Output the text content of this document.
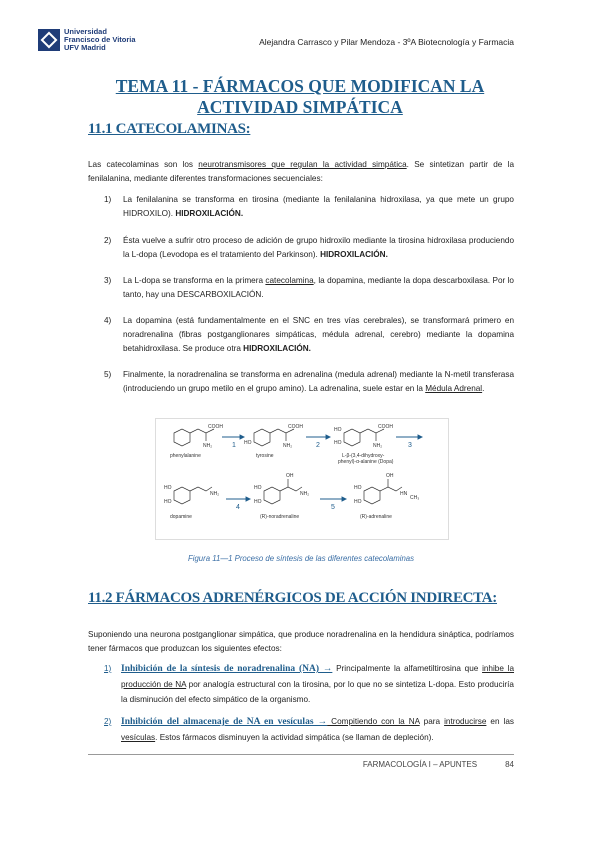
Universidad
Francisco de Vitoria
UFV Madrid
Alejandra Carrasco y Pilar Mendoza - 3ºA Biotecnología y Farmacia
TEMA 11 - FÁRMACOS QUE MODIFICAN LA ACTIVIDAD SIMPÁTICA
11.1 CATECOLAMINAS:
Las catecolaminas son los neurotransmisores que regulan la actividad simpática. Se sintetizan partir de la fenilalanina, mediante diferentes transformaciones secuenciales:
1) La fenilalanina se transforma en tirosina (mediante la fenilalanina hidroxilasa, ya que mete un grupo HIDROXILO). HIDROXILACIÓN.
2) Ésta vuelve a sufrir otro proceso de adición de grupo hidroxilo mediante la tirosina hidroxilasa produciendo la L-dopa (Levodopa es el tratamiento del Parkinson). HIDROXILACIÓN.
3) La L-dopa se transforma en la primera catecolamina, la dopamina, mediante la dopa descarboxilasa. Por lo tanto, hay una DESCARBOXILACIÓN.
4) La dopamina (está fundamentalmente en el SNC en tres vías cerebrales), se transformará primero en noradrenalina (fibras postganglionares simpáticas, médula adrenal, cerebro) mediante la dopamina betahidroxilasa. Se produce otra HIDROXILACIÓN.
5) Finalmente, la noradrenalina se transforma en adrenalina (medula adrenal) mediante la N-metil transferasa (introduciendo un grupo metilo en el grupo amino). La adrenalina, suele estar en la Médula Adrenal.
1	2	3
4	5
COOH
NH₂
COOH
NH₂
HO
COOH
NH₂
HO
HO
HO
HO
NH₂
HO
HO
OH
NH₂
HO
HO
OH
HN
CH₃
phenylalanine	tyrosine	L-β-(3,4-dihydroxy-
phenyl)-α-alanine (Dopa)
dopamine	(R)-noradrenaline	(R)-adrenaline
Figura 11—1 Proceso de síntesis de las diferentes catecolaminas
11.2 FÁRMACOS ADRENÉRGICOS DE ACCIÓN INDIRECTA:
Suponiendo una neurona postganglionar simpática, que produce noradrenalina en la hendidura sináptica, podríamos tener fármacos que produzcan los siguientes efectos:
1) Inhibición de la síntesis de noradrenalina (NA) → Principalmente la alfametiltirosina que inhibe la producción de NA por analogía estructural con la tirosina, por lo que no se sintetiza L-dopa. Esto produciría la disminución del efecto simpático de la organismo.
2) Inhibición del almacenaje de NA en vesículas → Compitiendo con la NA para introducirse en las vesículas. Estos fármacos disminuyen la actividad simpática (se llaman de depleción).
FARMACOLOGÍA I – APUNTES	84
